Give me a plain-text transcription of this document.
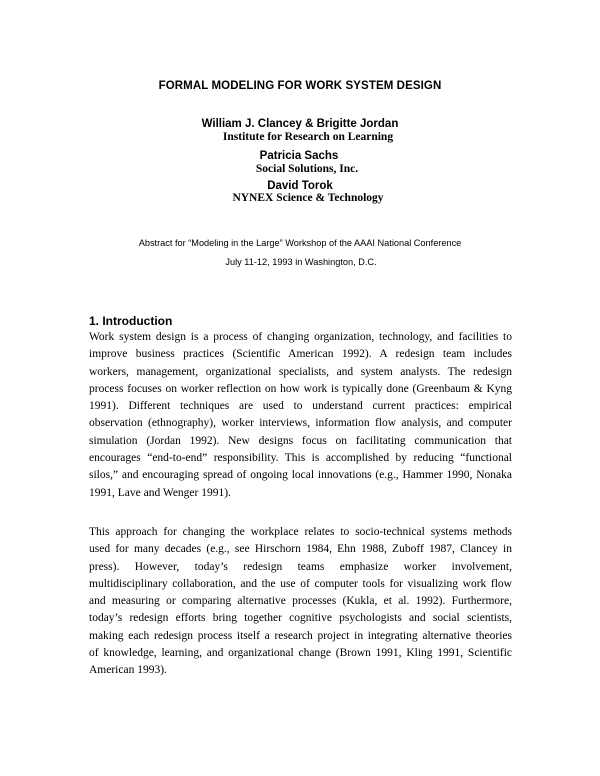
FORMAL MODELING FOR WORK SYSTEM DESIGN
William J. Clancey & Brigitte Jordan
Institute for Research on Learning
Patricia Sachs
Social Solutions, Inc.
David Torok
NYNEX Science & Technology
Abstract for “Modeling in the Large” Workshop of the AAAI National Conference
July 11-12, 1993 in Washington, D.C.
1. Introduction
Work system design is a process of changing organization, technology, and facilities to
improve business practices (Scientific American 1992). A redesign team includes
workers, management, organizational specialists, and system analysts. The redesign
process focuses on worker reflection on how work is typically done (Greenbaum & Kyng
1991). Different techniques are used to understand current practices: empirical
observation (ethnography), worker interviews, information flow analysis, and computer
simulation (Jordan 1992). New designs focus on facilitating communication that
encourages “end-to-end” responsibility. This is accomplished by reducing “functional
silos,” and encouraging spread of ongoing local innovations (e.g., Hammer 1990, Nonaka
1991, Lave and Wenger 1991).
This approach for changing the workplace relates to socio-technical systems methods
used for many decades (e.g., see Hirschorn 1984, Ehn 1988, Zuboff 1987, Clancey in
press). However, today’s redesign teams emphasize worker involvement,
multidisciplinary collaboration, and the use of computer tools for visualizing work flow
and measuring or comparing alternative processes (Kukla, et al. 1992). Furthermore,
today’s redesign efforts bring together cognitive psychologists and social scientists,
making each redesign process itself a research project in integrating alternative theories
of knowledge, learning, and organizational change (Brown 1991, Kling 1991, Scientific
American 1993).
